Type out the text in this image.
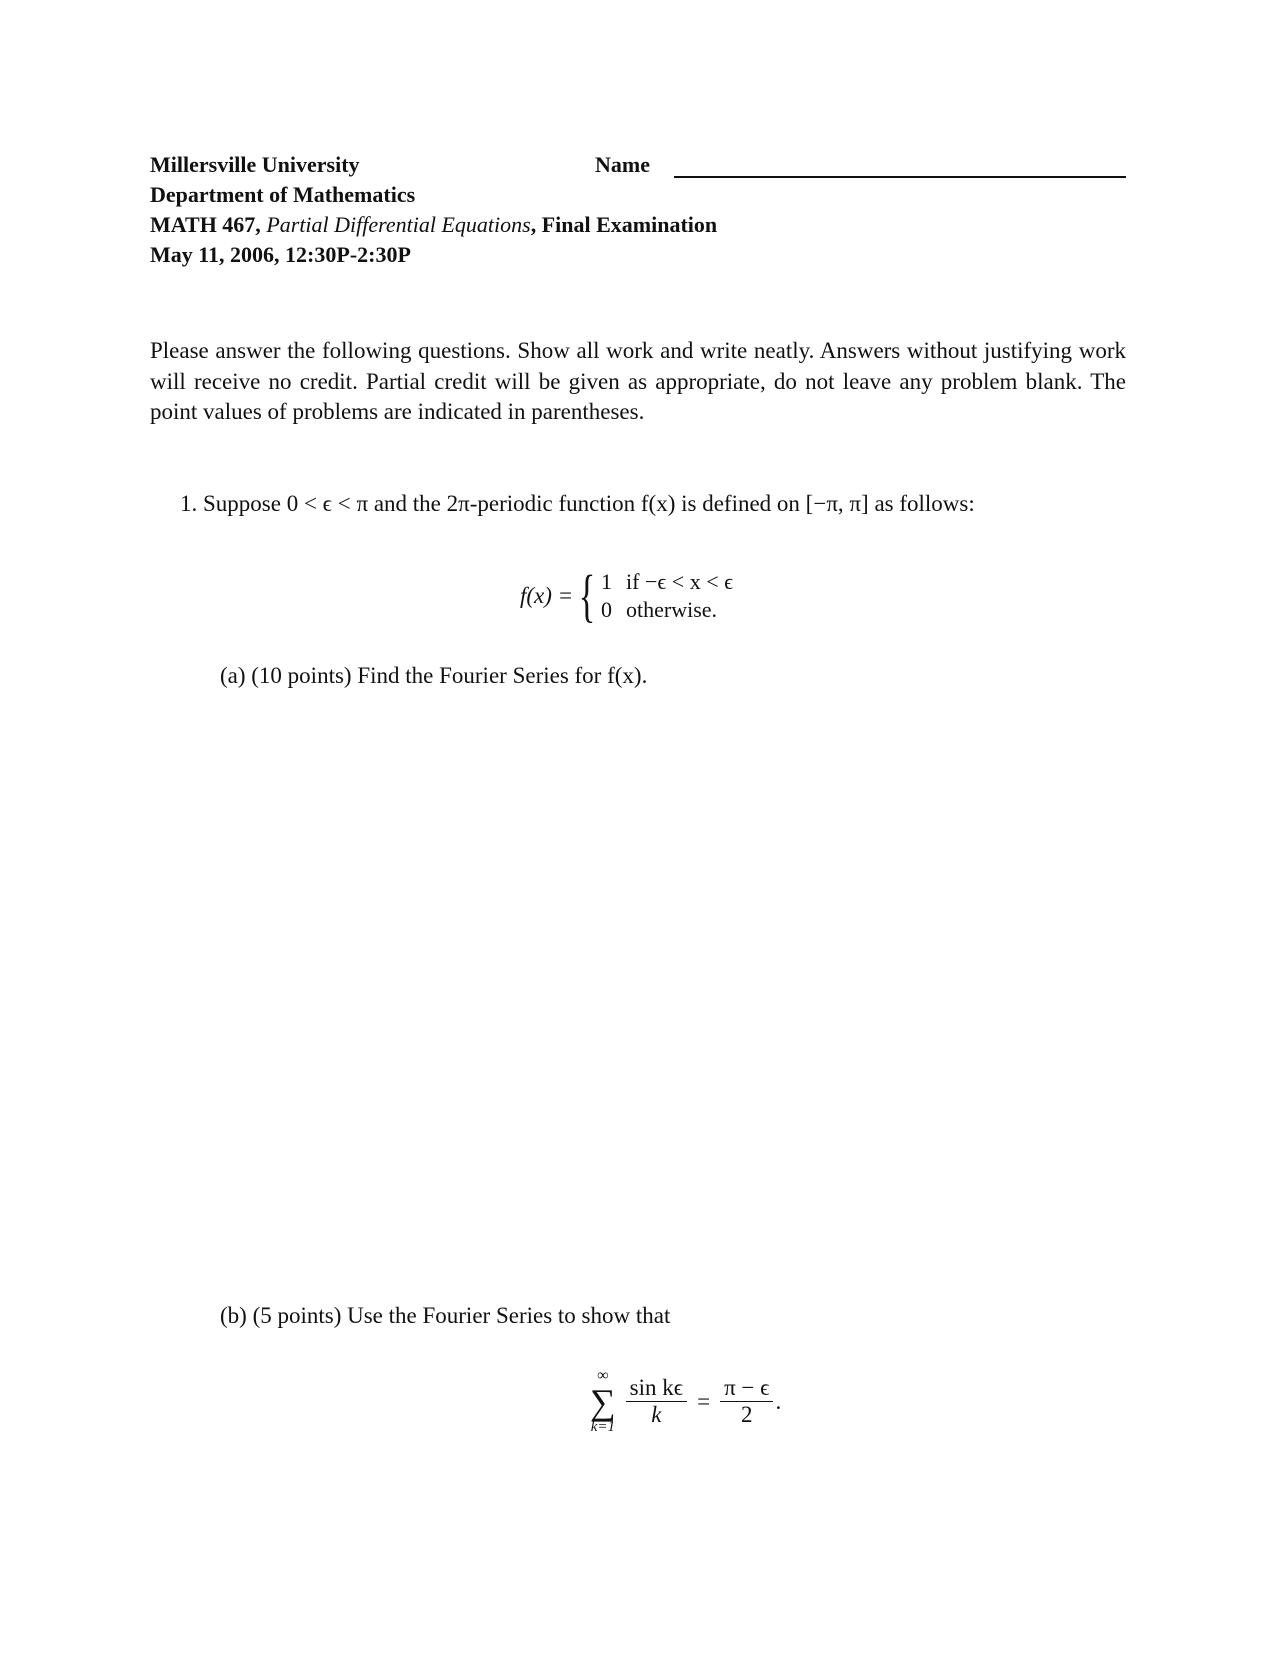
Millersville University	Name
Department of Mathematics
MATH 467, Partial Differential Equations, Final Examination
May 11, 2006, 12:30P-2:30P
Please answer the following questions. Show all work and write neatly. Answers without justifying work will receive no credit. Partial credit will be given as appropriate, do not leave any problem blank. The point values of problems are indicated in parentheses.
1. Suppose 0 < ϵ < π and the 2π-periodic function f(x) is defined on [−π, π] as follows:
f(x) = { 1 if −ϵ < x < ϵ
0 otherwise.
(a) (10 points) Find the Fourier Series for f(x).
(b) (5 points) Use the Fourier Series to show that
∞
∑
$k=1 \frac{\text{sin kϵ}}{k} = \frac{\pi - \epsilon}{2}$ .
